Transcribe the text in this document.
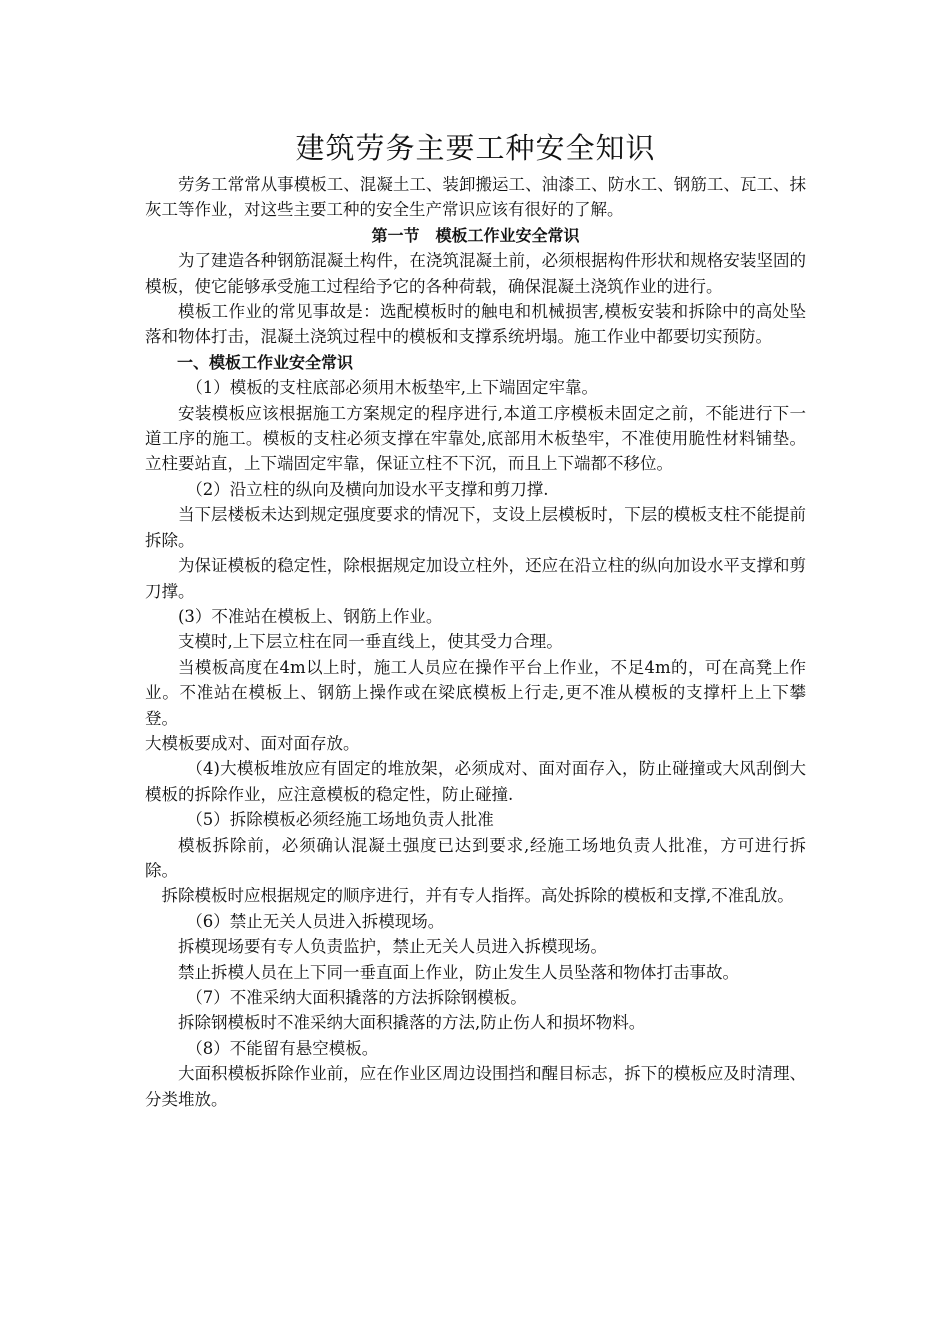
建筑劳务主要工种安全知识

劳务工常常从事模板工、混凝土工、装卸搬运工、油漆工、防水工、钢筋工、瓦工、抹灰工等作业，对这些主要工种的安全生产常识应该有很好的了解。

第一节　模板工作业安全常识

为了建造各种钢筋混凝土构件，在浇筑混凝土前，必须根据构件形状和规格安装坚固的模板，使它能够承受施工过程给予它的各种荷载，确保混凝土浇筑作业的进行。

模板工作业的常见事故是：选配模板时的触电和机械损害,模板安装和拆除中的高处坠落和物体打击，混凝土浇筑过程中的模板和支撑系统坍塌。施工作业中都要切实预防。

一、模板工作业安全常识

（1）模板的支柱底部必须用木板垫牢,上下端固定牢靠。

安装模板应该根据施工方案规定的程序进行,本道工序模板未固定之前，不能进行下一道工序的施工。模板的支柱必须支撑在牢靠处,底部用木板垫牢，不准使用脆性材料铺垫。立柱要站直，上下端固定牢靠，保证立柱不下沉，而且上下端都不移位。

（2）沿立柱的纵向及横向加设水平支撑和剪刀撑.

当下层楼板未达到规定强度要求的情况下，支设上层模板时，下层的模板支柱不能提前拆除。

为保证模板的稳定性，除根据规定加设立柱外，还应在沿立柱的纵向加设水平支撑和剪刀撑。

(3）不准站在模板上、钢筋上作业。

支模时,上下层立柱在同一垂直线上，使其受力合理。

当模板高度在4m以上时，施工人员应在操作平台上作业，不足4m的，可在高凳上作业。不准站在模板上、钢筋上操作或在梁底模板上行走,更不准从模板的支撑杆上上下攀登。

大模板要成对、面对面存放。

（4)大模板堆放应有固定的堆放架，必须成对、面对面存入，防止碰撞或大风刮倒大模板的拆除作业，应注意模板的稳定性，防止碰撞.

（5）拆除模板必须经施工场地负责人批准

模板拆除前，必须确认混凝土强度已达到要求,经施工场地负责人批准，方可进行拆除。

拆除模板时应根据规定的顺序进行，并有专人指挥。高处拆除的模板和支撑,不准乱放。

（6）禁止无关人员进入拆模现场。

拆模现场要有专人负责监护，禁止无关人员进入拆模现场。

禁止拆模人员在上下同一垂直面上作业，防止发生人员坠落和物体打击事故。

（7）不准采纳大面积撬落的方法拆除钢模板。

拆除钢模板时不准采纳大面积撬落的方法,防止伤人和损坏物料。

（8）不能留有悬空模板。

大面积模板拆除作业前，应在作业区周边设围挡和醒目标志，拆下的模板应及时清理、分类堆放。
